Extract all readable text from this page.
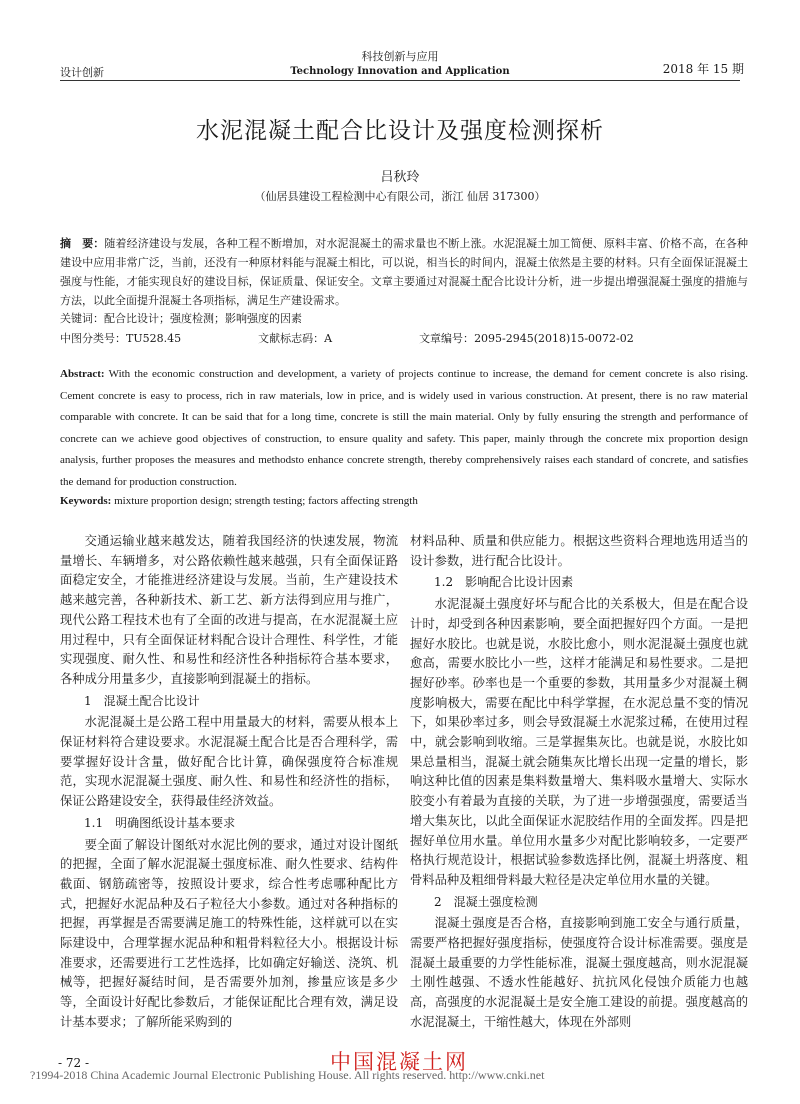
设计创新
科技创新与应用
Technology Innovation and Application	2018 年 15 期
水泥混凝土配合比设计及强度检测探析
吕秋玲
（仙居县建设工程检测中心有限公司，浙江 仙居 317300）
摘　要：随着经济建设与发展，各种工程不断增加，对水泥混凝土的需求量也不断上涨。水泥混凝土加工简便、原料丰富、价格不高，在各种建设中应用非常广泛，当前，还没有一种原材料能与混凝土相比，可以说，相当长的时间内，混凝土依然是主要的材料。只有全面保证混凝土强度与性能，才能实现良好的建设目标，保证质量、保证安全。文章主要通过对混凝土配合比设计分析，进一步提出增强混凝土强度的措施与方法，以此全面提升混凝土各项指标，满足生产建设需求。
关键词：配合比设计；强度检测；影响强度的因素
中图分类号：TU528.45	文献标志码：A	文章编号：2095-2945(2018)15-0072-02
Abstract: With the economic construction and development, a variety of projects continue to increase, the demand for cement concrete is also rising. Cement concrete is easy to process, rich in raw materials, low in price, and is widely used in various construction. At present, there is no raw material comparable with concrete. It can be said that for a long time, concrete is still the main material. Only by fully ensuring the strength and performance of concrete can we achieve good objectives of construction, to ensure quality and safety. This paper, mainly through the concrete mix proportion design analysis, further proposes the measures and methodsto enhance concrete strength, thereby comprehensively raises each standard of concrete, and satisfies the demand for production construction.
Keywords: mixture proportion design; strength testing; factors affecting strength

交通运输业越来越发达，随着我国经济的快速发展，物流量增长、车辆增多，对公路依赖性越来越强，只有全面保证路面稳定安全，才能推进经济建设与发展。当前，生产建设技术越来越完善，各种新技术、新工艺、新方法得到应用与推广，现代公路工程技术也有了全面的改进与提高，在水泥混凝土应用过程中，只有全面保证材料配合设计合理性、科学性，才能实现强度、耐久性、和易性和经济性各种指标符合基本要求，各种成分用量多少，直接影响到混凝土的指标。

1　混凝土配合比设计

水泥混凝土是公路工程中用量最大的材料，需要从根本上保证材料符合建设要求。水泥混凝土配合比是否合理科学，需要掌握好设计含量，做好配合比计算，确保强度符合标准规范，实现水泥混凝土强度、耐久性、和易性和经济性的指标，保证公路建设安全，获得最佳经济效益。

1.1　明确图纸设计基本要求

要全面了解设计图纸对水泥比例的要求，通过对设计图纸的把握，全面了解水泥混凝土强度标准、耐久性要求、结构件截面、钢筋疏密等，按照设计要求，综合性考虑哪种配比方式，把握好水泥品种及石子粒径大小参数。通过对各种指标的把握，再掌握是否需要满足施工的特殊性能，这样就可以在实际建设中，合理掌握水泥品种和粗骨料粒径大小。根据设计标准要求，还需要进行工艺性选择，比如确定好输送、浇筑、机械等，把握好凝结时间，是否需要外加剂，掺量应该是多少等，全面设计好配比参数后，才能保证配比合理有效，满足设计基本要求；了解所能采购到的

材料品种、质量和供应能力。根据这些资料合理地选用适当的设计参数，进行配合比设计。

1.2　影响配合比设计因素

水泥混凝土强度好坏与配合比的关系极大，但是在配合设计时，却受到各种因素影响，要全面把握好四个方面。一是把握好水胶比。也就是说，水胶比愈小，则水泥混凝土强度也就愈高，需要水胶比小一些，这样才能满足和易性要求。二是把握好砂率。砂率也是一个重要的参数，其用量多少对混凝土稠度影响极大，需要在配比中科学掌握，在水泥总量不变的情况下，如果砂率过多，则会导致混凝土水泥浆过稀，在使用过程中，就会影响到收缩。三是掌握集灰比。也就是说，水胶比如果总量相当，混凝土就会随集灰比增长出现一定量的增长，影响这种比值的因素是集料数量增大、集料吸水量增大、实际水胶变小有着最为直接的关联，为了进一步增强强度，需要适当增大集灰比，以此全面保证水泥胶结作用的全面发挥。四是把握好单位用水量。单位用水量多少对配比影响较多，一定要严格执行规范设计，根据试验参数选择比例，混凝土坍落度、粗骨料品种及粗细骨料最大粒径是决定单位用水量的关键。

2　混凝土强度检测

混凝土强度是否合格，直接影响到施工安全与通行质量，需要严格把握好强度指标，使强度符合设计标准需要。强度是混凝土最重要的力学性能标准，混凝土强度越高，则水泥混凝土刚性越强、不透水性能越好、抗抗风化侵蚀介质能力也越高，高强度的水泥混凝土是安全施工建设的前提。强度越高的水泥混凝土，干缩性越大，体现在外部则

- 72 -	中国混凝土网
?1994-2018 China Academic Journal Electronic Publishing House. All rights reserved. http://www.cnki.net
